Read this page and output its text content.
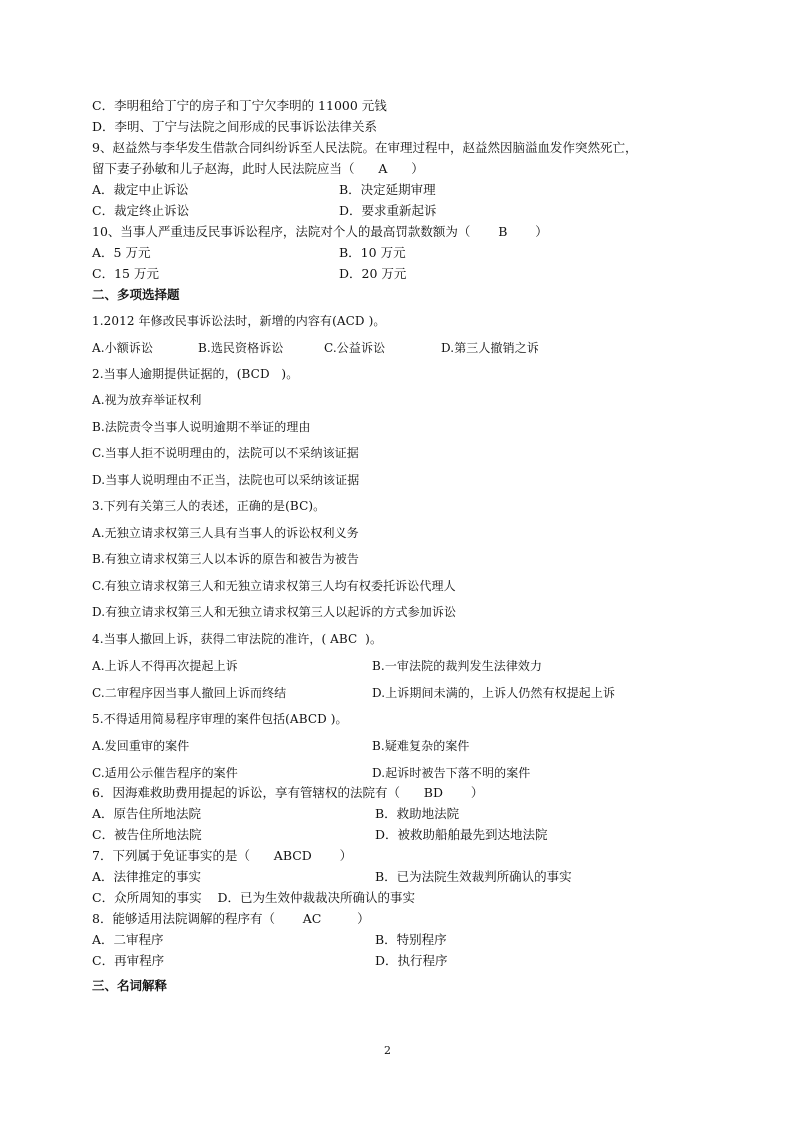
C．李明租给丁宁的房子和丁宁欠李明的 11000 元钱
D．李明、丁宁与法院之间形成的民事诉讼法律关系
9、赵益然与李华发生借款合同纠纷诉至人民法院。在审理过程中，赵益然因脑溢血发作突然死亡，
留下妻子孙敏和儿子赵海，此时人民法院应当（      A      ）
A．裁定中止诉讼	B．决定延期审理
C．裁定终止诉讼	D．要求重新起诉
10、当事人严重违反民事诉讼程序，法院对个人的最高罚款数额为（       B       ）
A．5 万元	B．10 万元
C．15 万元	D．20 万元
二、多项选择题
1.2012 年修改民事诉讼法时，新增的内容有(ACD )。
A.小额诉讼	B.选民资格诉讼	C.公益诉讼	D.第三人撤销之诉
2.当事人逾期提供证据的，(BCD   )。
A.视为放弃举证权利
B.法院责令当事人说明逾期不举证的理由
C.当事人拒不说明理由的，法院可以不采纳该证据
D.当事人说明理由不正当，法院也可以采纳该证据
3.下列有关第三人的表述，正确的是(BC)。
A.无独立请求权第三人具有当事人的诉讼权利义务
B.有独立请求权第三人以本诉的原告和被告为被告
C.有独立请求权第三人和无独立请求权第三人均有权委托诉讼代理人
D.有独立请求权第三人和无独立请求权第三人以起诉的方式参加诉讼
4.当事人撤回上诉，获得二审法院的准许，( ABC  )。
A.上诉人不得再次提起上诉	B.一审法院的裁判发生法律效力
C.二审程序因当事人撤回上诉而终结	D.上诉期间未满的，上诉人仍然有权提起上诉
5.不得适用简易程序审理的案件包括(ABCD )。
A.发回重审的案件	B.疑难复杂的案件
C.适用公示催告程序的案件	D.起诉时被告下落不明的案件
6．因海难救助费用提起的诉讼，享有管辖权的法院有（      BD       ）
A．原告住所地法院	B．救助地法院
C．被告住所地法院	D．被救助船舶最先到达地法院
7．下列属于免证事实的是（      ABCD       ）
A．法律推定的事实	B．已为法院生效裁判所确认的事实
C．众所周知的事实    D．已为生效仲裁裁决所确认的事实
8．能够适用法院调解的程序有（       AC         ）
A．二审程序	B．特别程序
C．再审程序	D．执行程序
三、名词解释
2
